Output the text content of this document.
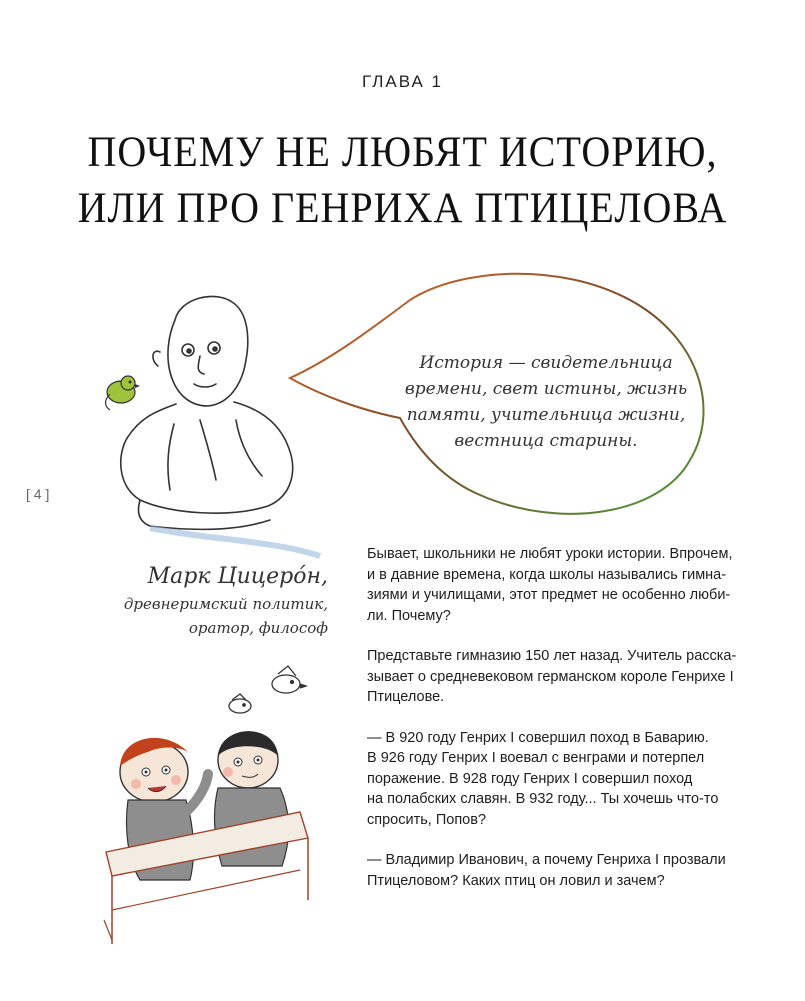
ГЛАВА 1
ПОЧЕМУ НЕ ЛЮБЯТ ИСТОРИЮ,
ИЛИ ПРО ГЕНРИХА ПТИЦЕЛОВА
[ 4 ]
История — свидетельница
времени, свет истины, жизнь
памяти, учительница жизни,
вестница старины.
Марк Цицеро́н,
древнеримский политик,
оратор, философ

Бывает, школьники не любят уроки истории. Впрочем,
и в давние времена, когда школы назывались гимна-
зиями и училищами, этот предмет не особенно люби-
ли. Почему?

Представьте гимназию 150 лет назад. Учитель расска-
зывает о средневековом германском короле Генрихе I
Птицелове.

— В 920 году Генрих I совершил поход в Баварию.
В 926 году Генрих I воевал с венграми и потерпел
поражение. В 928 году Генрих I совершил поход
на полабских славян. В 932 году... Ты хочешь что-то
спросить, Попов?

— Владимир Иванович, а почему Генриха I прозвали
Птицеловом? Каких птиц он ловил и зачем?
